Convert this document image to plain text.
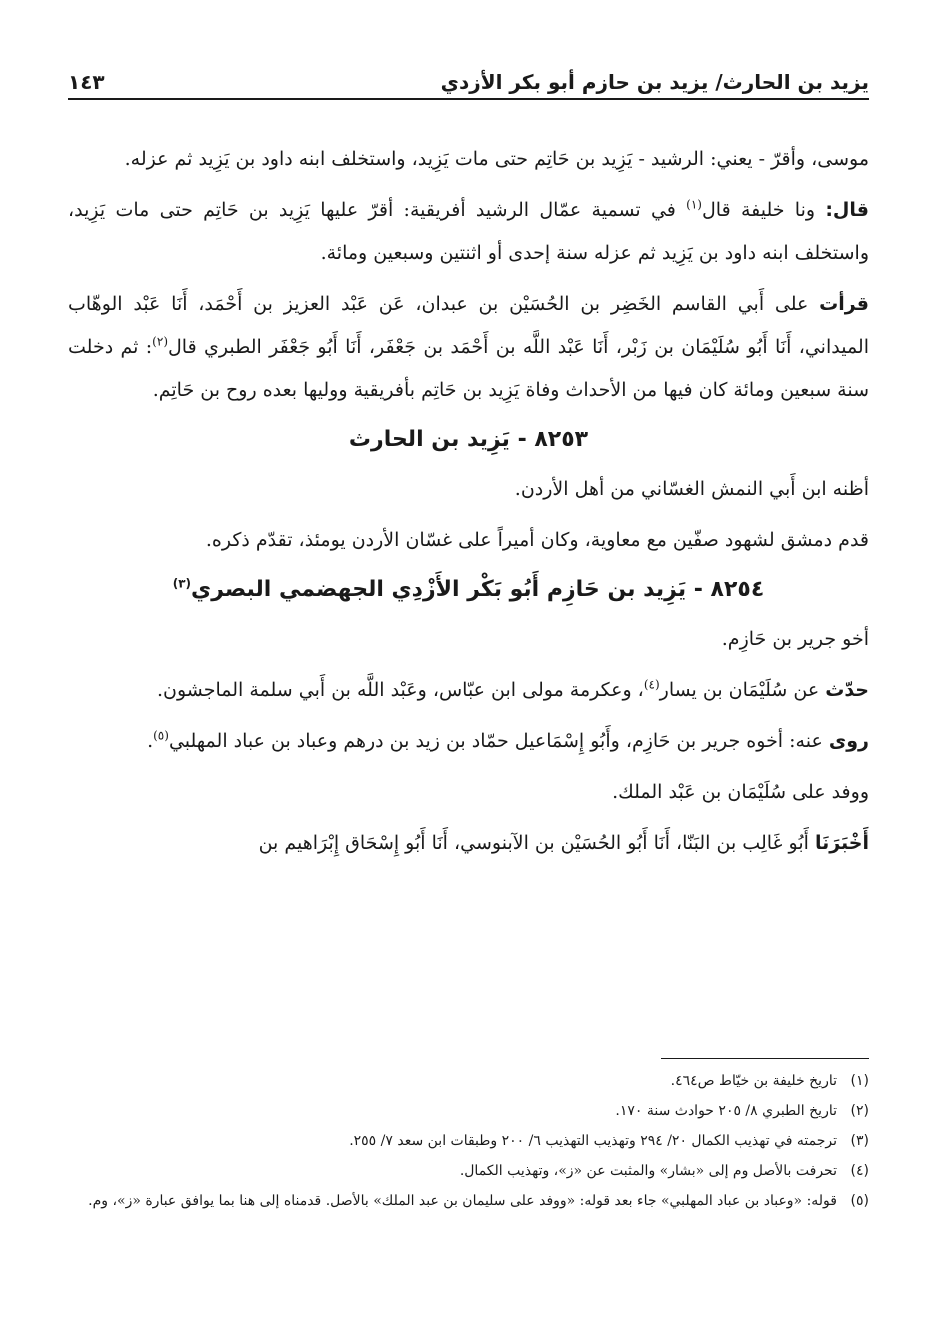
يزيد بن الحارث/ يزيد بن حازم أبو بكر الأزدي
١٤٣

موسى، وأقرّ - يعني: الرشيد - يَزِيد بن حَاتِم حتى مات يَزِيد، واستخلف ابنه داود بن يَزِيد ثم عزله.

قال: ونا خليفة قال$^{(١)}$ في تسمية عمّال الرشيد أفريقية: أقرّ عليها يَزِيد بن حَاتِم حتى مات يَزِيد، واستخلف ابنه داود بن يَزِيد ثم عزله سنة إحدى أو اثنتين وسبعين ومائة.

قرأت على أَبي القاسم الخَضِر بن الحُسَيْن بن عبدان، عَن عَبْد العزيز بن أَحْمَد، أَنَا عَبْد الوهّاب الميداني، أَنَا أَبُو سُلَيْمَان بن زَبْر، أَنَا عَبْد اللَّه بن أَحْمَد بن جَعْفَر، أَنَا أَبُو جَعْفَر الطبري قال$^{(٢)}$: ثم دخلت سنة سبعين ومائة كان فيها من الأحداث وفاة يَزِيد بن حَاتِم بأفريقية ووليها بعده روح بن حَاتِم.

٨٢٥٣ - يَزِيد بن الحارث

أظنه ابن أَبي النمش الغسّاني من أهل الأردن.

قدم دمشق لشهود صفّين مع معاوية، وكان أميراً على غسّان الأردن يومئذ، تقدّم ذكره.

٨٢٥٤ - يَزِيد بن حَازِم أَبُو بَكْر الأَزْدِي الجهضمي البصري$^{(٣)}$

أخو جرير بن حَازِم.

حدّث عن سُلَيْمَان بن يسار$^{(٤)}$، وعكرمة مولى ابن عبّاس، وعَبْد اللَّه بن أَبي سلمة الماجشون.

روى عنه: أخوه جرير بن حَازِم، وأَبُو إِسْمَاعيل حمّاد بن زيد بن درهم وعباد بن عباد المهلبي$^{(٥)}$.

ووفد على سُلَيْمَان بن عَبْد الملك.

أَخْبَرَنَا أَبُو غَالِب بن البَنّا، أَنَا أَبُو الحُسَيْن بن الآبنوسي، أَنَا أَبُو إِسْحَاق إِبْرَاهيم بن

(١)
تاريخ خليفة بن خيّاط ص٤٦٤.
(٢)
تاريخ الطبري ٨/ ٢٠٥ حوادث سنة ١٧٠.
(٣)
ترجمته في تهذيب الكمال ٢٠/ ٢٩٤ وتهذيب التهذيب ٦/ ٢٠٠ وطبقات ابن سعد ٧/ ٢٥٥.
(٤)
تحرفت بالأصل وم إلى «بشار» والمثبت عن «ز»، وتهذيب الكمال.
(٥)
قوله: «وعباد بن عباد المهلبي» جاء بعد قوله: «ووفد على سليمان بن عبد الملك» بالأصل. قدمناه إلى هنا بما يوافق عبارة «ز»، وم.
